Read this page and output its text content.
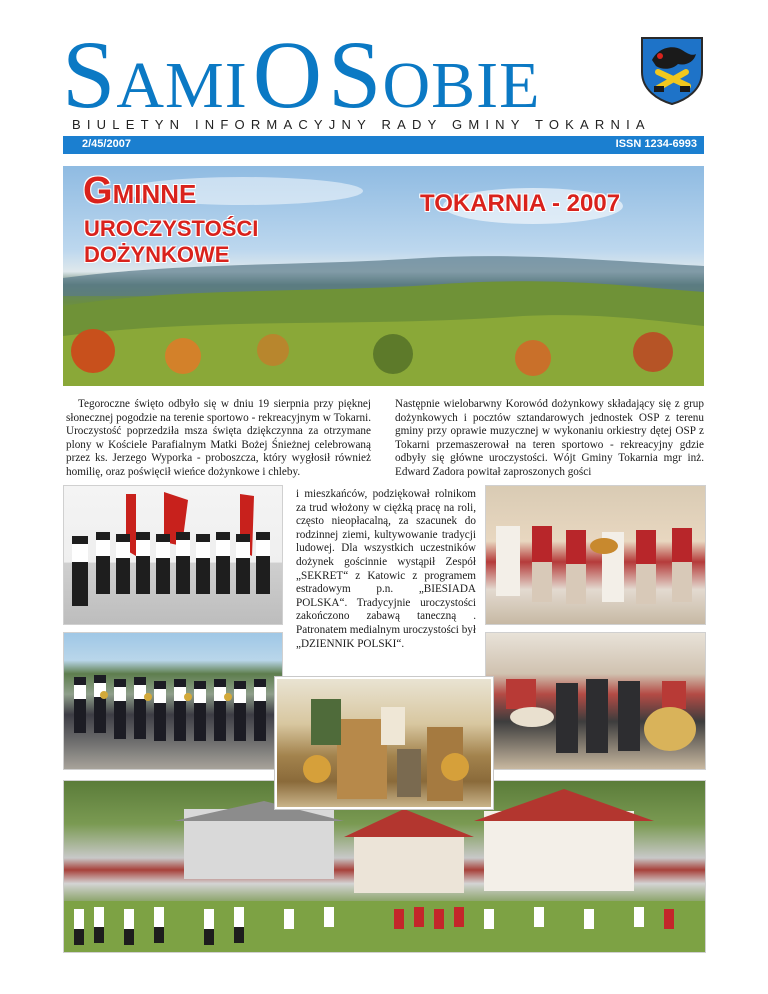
SAMI O SOBIE
BIULETYN INFORMACYJNY RADY GMINY TOKARNIA
2/45/2007	ISSN 1234-6993
GMINNE
UROCZYSTOŚCI
DOŻYNKOWE
TOKARNIA - 2007
Tegoroczne święto odbyło się w dniu 19 sierpnia przy pięknej słonecznej pogodzie na terenie sportowo - rekreacyjnym w Tokarni. Uroczystość poprzedziła msza święta dziękczynna za otrzymane plony w Kościele Parafialnym Matki Bożej Śnieżnej celebrowaną przez ks. Jerzego Wyporka - proboszcza, który wygłosił również homilię, oraz poświęcił wieńce dożynkowe i chleby.
Następnie wielobarwny Korowód dożynkowy składający się z grup dożynkowych i pocztów sztandarowych jednostek OSP z terenu gminy przy oprawie muzycznej w wykonaniu orkiestry dętej OSP z Tokarni przemaszerował na teren sportowo - rekreacyjny gdzie odbyły się główne uroczystości. Wójt Gminy Tokarnia mgr inż. Edward Zadora powitał zaproszonych gości
i mieszkańców, podziękował rolnikom za trud włożony w ciężką pracę na roli, często nieopłacalną, za szacunek do rodzinnej ziemi, kultywowanie tradycji ludowej. Dla wszystkich uczestników dożynek gościnnie wystąpił Zespół „SEKRET“ z Katowic z programem estradowym p.n. „BIESIADA POLSKA“. Tradycyjnie uroczystości zakończono zabawą taneczną . Patronatem medialnym uroczystości był „DZIENNIK POLSKI“.
